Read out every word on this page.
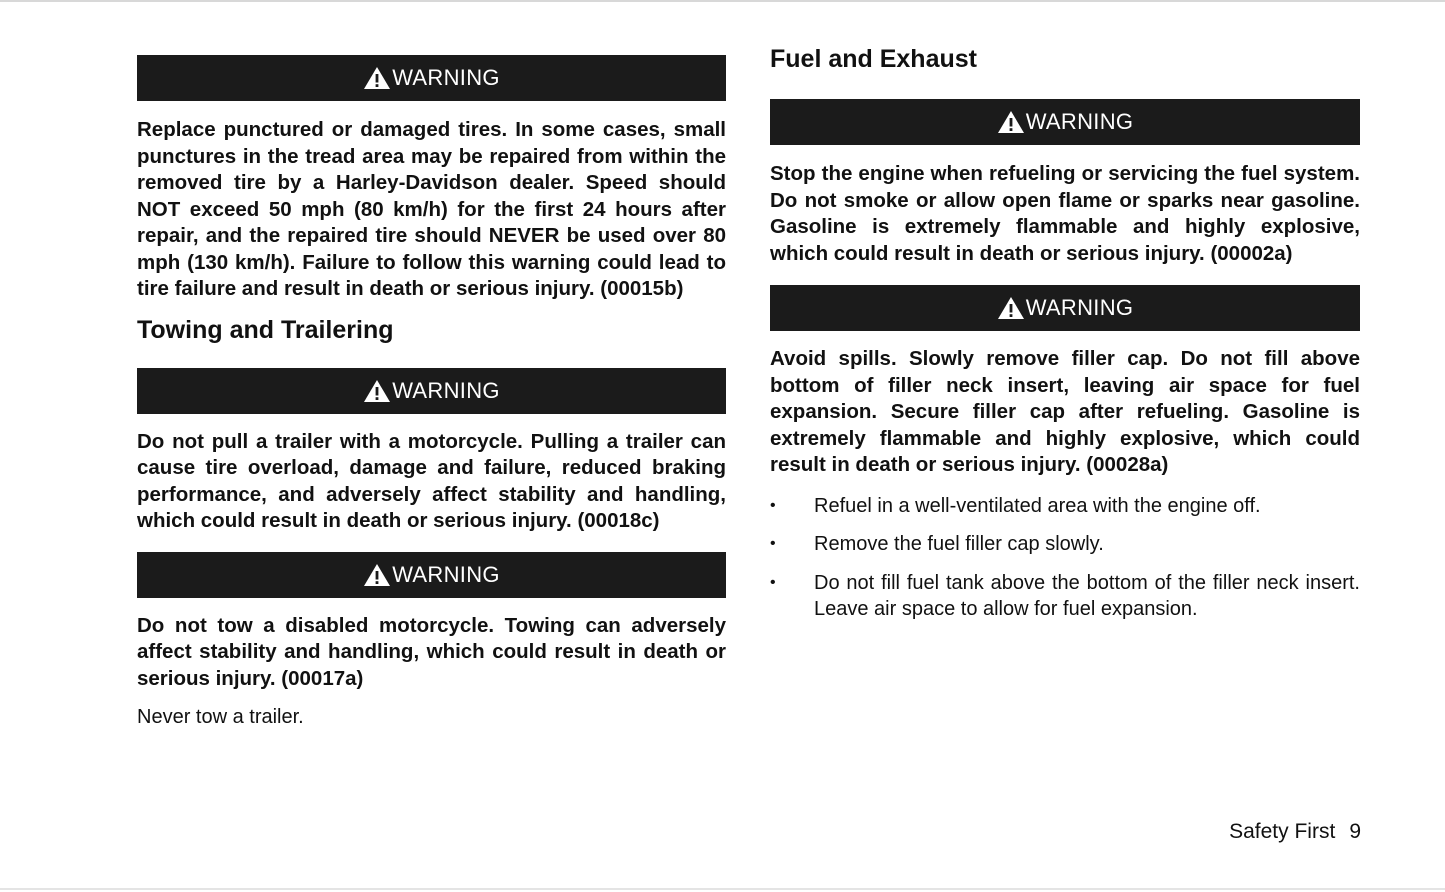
WARNING

Replace punctured or damaged tires. In some cases, small punctures in the tread area may be repaired from within the removed tire by a Harley-Davidson dealer. Speed should NOT exceed 50 mph (80 km/h) for the first 24 hours after repair, and the repaired tire should NEVER be used over 80 mph (130 km/h). Failure to follow this warning could lead to tire failure and result in death or serious injury. (00015b)

Towing and Trailering
WARNING

Do not pull a trailer with a motorcycle. Pulling a trailer can cause tire overload, damage and failure, reduced braking performance, and adversely affect stability and handling, which could result in death or serious injury. (00018c)

WARNING

Do not tow a disabled motorcycle. Towing can adversely affect stability and handling, which could result in death or serious injury. (00017a)

Never tow a trailer.

Fuel and Exhaust
WARNING

Stop the engine when refueling or servicing the fuel system. Do not smoke or allow open flame or sparks near gasoline. Gasoline is extremely flammable and highly explosive, which could result in death or serious injury. (00002a)

WARNING

Avoid spills. Slowly remove filler cap. Do not fill above bottom of filler neck insert, leaving air space for fuel expansion. Secure filler cap after refueling. Gasoline is extremely flammable and highly explosive, which could result in death or serious injury. (00028a)

• Refuel in a well-ventilated area with the engine off.
• Remove the fuel filler cap slowly.
• Do not fill fuel tank above the bottom of the filler neck insert. Leave air space to allow for fuel expansion.
Safety First 9
